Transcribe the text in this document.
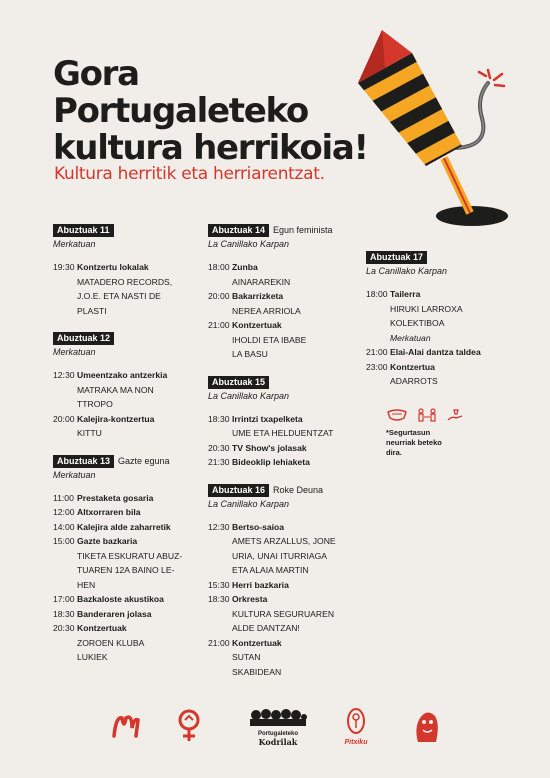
Gora
Portugaleteko
kultura herrikoia!
Kultura herritik eta herriarentzat.
Abuztuak 11
Merkatuan
19:30 Kontzertu lokalak
MATADERO RECORDS,
J.O.E. ETA NASTI DE
PLASTI
Abuztuak 12
Merkatuan
12:30 Umeentzako antzerkia
MATRAKA MA NON
TTROPO
20:00 Kalejira-kontzertua
KITTU
Abuztuak 13 Gazte eguna
Merkatuan
11:00 Prestaketa gosaria
12:00 Altxorraren bila
14:00 Kalejira alde zaharretik
15:00 Gazte bazkaria
TIKETA ESKURATU ABUZ-
TUAREN 12A BAINO LE-
HEN
17:00 Bazkaloste akustikoa
18:30 Banderaren jolasa
20:30 Kontzertuak
ZOROEN KLUBA
LUKIEK
Abuztuak 14 Egun feminista
La Canillako Karpan
18:00 Zunba
AINARAREKIN
20:00 Bakarrizketa
NEREA ARRIOLA
21:00 Kontzertuak
IHOLDI ETA IBABE
LA BASU
Abuztuak 15
La Canillako Karpan
18:30 Irrintzi txapelketa
UME ETA HELDUENTZAT
20:30 TV Show's jolasak
21:30 Bideoklip lehiaketa
Abuztuak 16 Roke Deuna
La Canillako Karpan
12:30 Bertso-saioa
AMETS ARZALLUS, JONE
URIA, UNAI ITURRIAGA
ETA ALAIA MARTIN
15:30 Herri bazkaria
18:30 Orkresta
KULTURA SEGURUAREN
ALDE DANTZAN!
21:00 Kontzertuak
SUTAN
SKABIDEAN
Abuztuak 17
La Canillako Karpan
18:00 Tailerra
HIRUKI LARROXA
KOLEKTIBOA
Merkatuan
21:00 Elai-Alai dantza taldea
23:00 Kontzertua
ADARROTS
*Segurtasun neurriak beteko dira.
Portugaleteko
Kodrilak	Pitxiku
